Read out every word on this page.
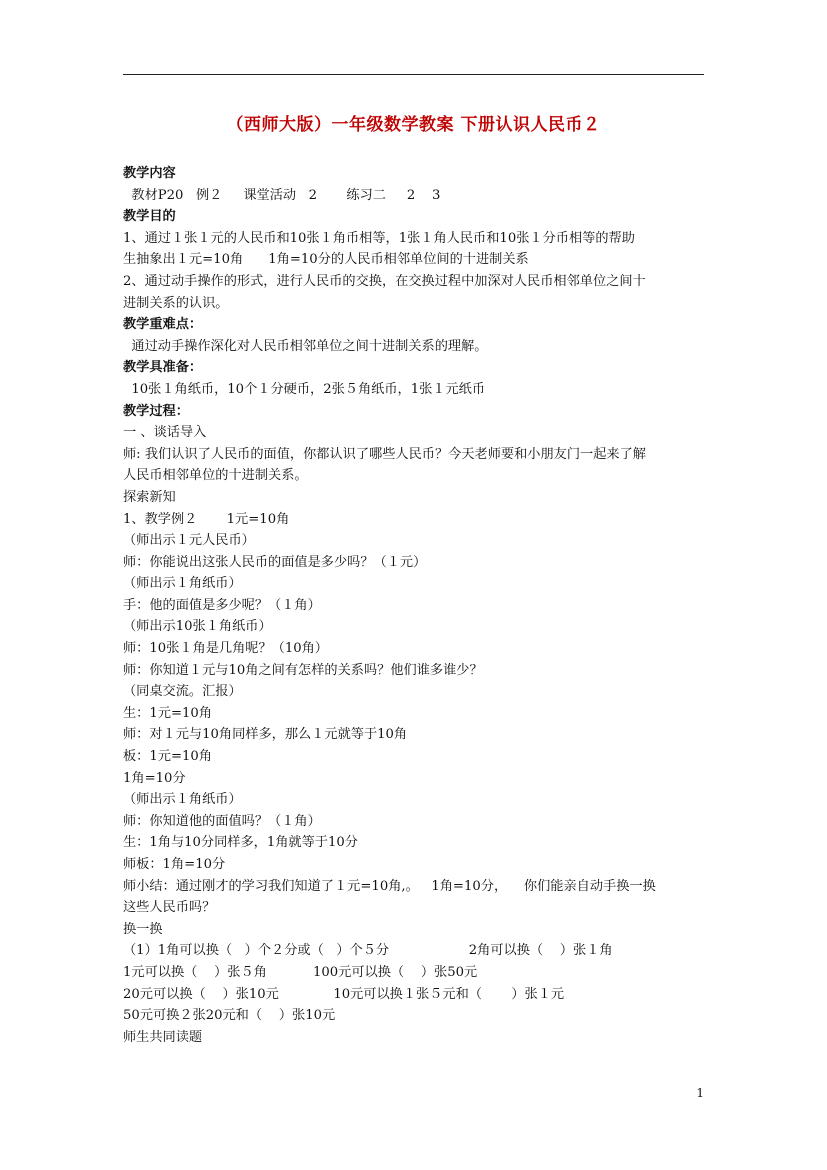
（西师大版）一年级数学教案 下册认识人民币２
教学内容
教材P20   例２     课堂活动   2       练习二     2    3
教学目的
1、通过１张１元的人民币和10张１角币相等，1张１角人民币和10张１分币相等的帮助
生抽象出１元=10角      1角=10分的人民币相邻单位间的十进制关系
2、通过动手操作的形式，进行人民币的交换，在交换过程中加深对人民币相邻单位之间十
进制关系的认识。
教学重难点：
通过动手操作深化对人民币相邻单位之间十进制关系的理解。
教学具准备：
10张１角纸币，10个１分硬币，2张５角纸币，1张１元纸币
教学过程：
一 、谈话导入
师: 我们认识了人民币的面值，你都认识了哪些人民币？今天老师要和小朋友门一起来了解
人民币相邻单位的十进制关系。
探索新知
1、教学例２       1元=10角
（师出示１元人民币）
师：你能说出这张人民币的面值是多少吗？（１元）
（师出示１角纸币）
手：他的面值是多少呢？（１角）
（师出示10张１角纸币）
师：10张１角是几角呢？（10角）
师：你知道１元与10角之间有怎样的关系吗？他们谁多谁少？
（同桌交流。汇报）
生：1元=10角
师：对１元与10角同样多，那么１元就等于10角
板：1元=10角
1角=10分
（师出示１角纸币）
师：你知道他的面值吗？（１角）
生：1角与10分同样多，1角就等于10分
师板：1角=10分
师小结：通过刚才的学习我们知道了１元=10角,。   1角=10分，    你们能亲自动手换一换
这些人民币吗？
换一换
（1）1角可以换（   ）个２分或（   ）个５分                   2角可以换（    ）张１角
1元可以换（    ）张５角           100元可以换（    ）张50元
20元可以换（    ）张10元             10元可以换１张５元和（       ）张１元
50元可换２张20元和（    ）张10元
师生共同读题
1
